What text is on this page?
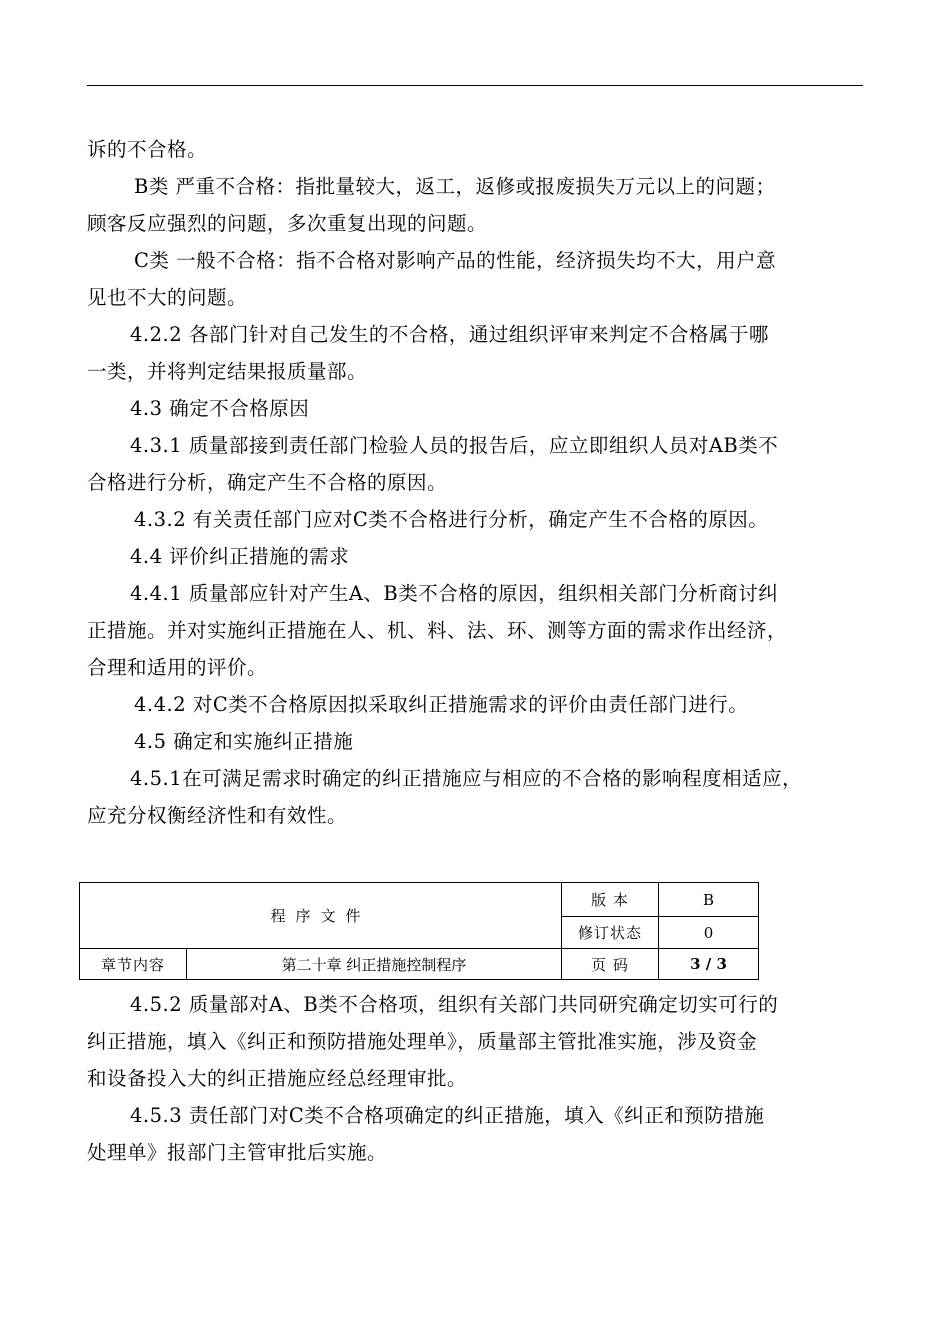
诉的不合格。

B类 严重不合格：指批量较大，返工，返修或报废损失万元以上的问题；

顾客反应强烈的问题，多次重复出现的问题。

C类 一般不合格：指不合格对影响产品的性能，经济损失均不大，用户意

见也不大的问题。

4.2.2 各部门针对自己发生的不合格，通过组织评审来判定不合格属于哪

一类，并将判定结果报质量部。

4.3 确定不合格原因

4.3.1 质量部接到责任部门检验人员的报告后，应立即组织人员对AB类不

合格进行分析，确定产生不合格的原因。

4.3.2 有关责任部门应对C类不合格进行分析，确定产生不合格的原因。

4.4 评价纠正措施的需求

4.4.1 质量部应针对产生A、B类不合格的原因，组织相关部门分析商讨纠

正措施。并对实施纠正措施在人、机、料、法、环、测等方面的需求作出经济，

合理和适用的评价。

4.4.2 对C类不合格原因拟采取纠正措施需求的评价由责任部门进行。

4.5 确定和实施纠正措施

4.5.1在可满足需求时确定的纠正措施应与相应的不合格的影响程度相适应，

应充分权衡经济性和有效性。

程序文件		版 本	B
		修订状态	0
章节内容	第二十章 纠正措施控制程序	页 码	3 / 3

4.5.2 质量部对A、B类不合格项，组织有关部门共同研究确定切实可行的

纠正措施，填入《纠正和预防措施处理单》，质量部主管批准实施，涉及资金

和设备投入大的纠正措施应经总经理审批。

4.5.3 责任部门对C类不合格项确定的纠正措施，填入《纠正和预防措施

处理单》报部门主管审批后实施。
